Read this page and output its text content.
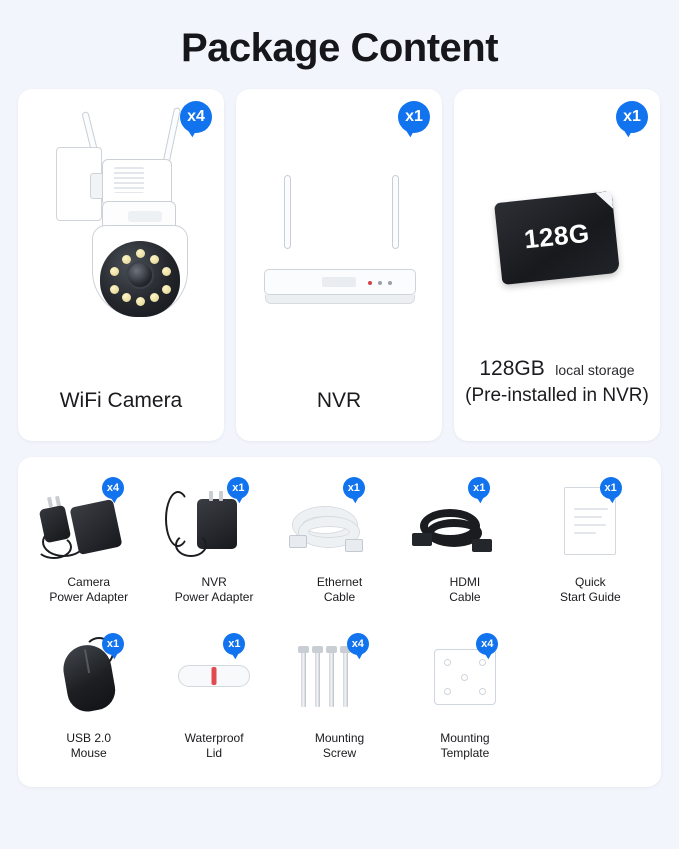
Package Content
x4
WiFi Camera
x1
NVR
x1
128G
128GB local storage
(Pre-installed in NVR)
x4
Camera
Power Adapter
x1
NVR
Power Adapter
x1
Ethernet
Cable
x1
HDMI
Cable
x1
Quick
Start Guide
x1
USB 2.0
Mouse
x1
Waterproof
Lid
x4
Mounting
Screw
x4
Mounting
Template
